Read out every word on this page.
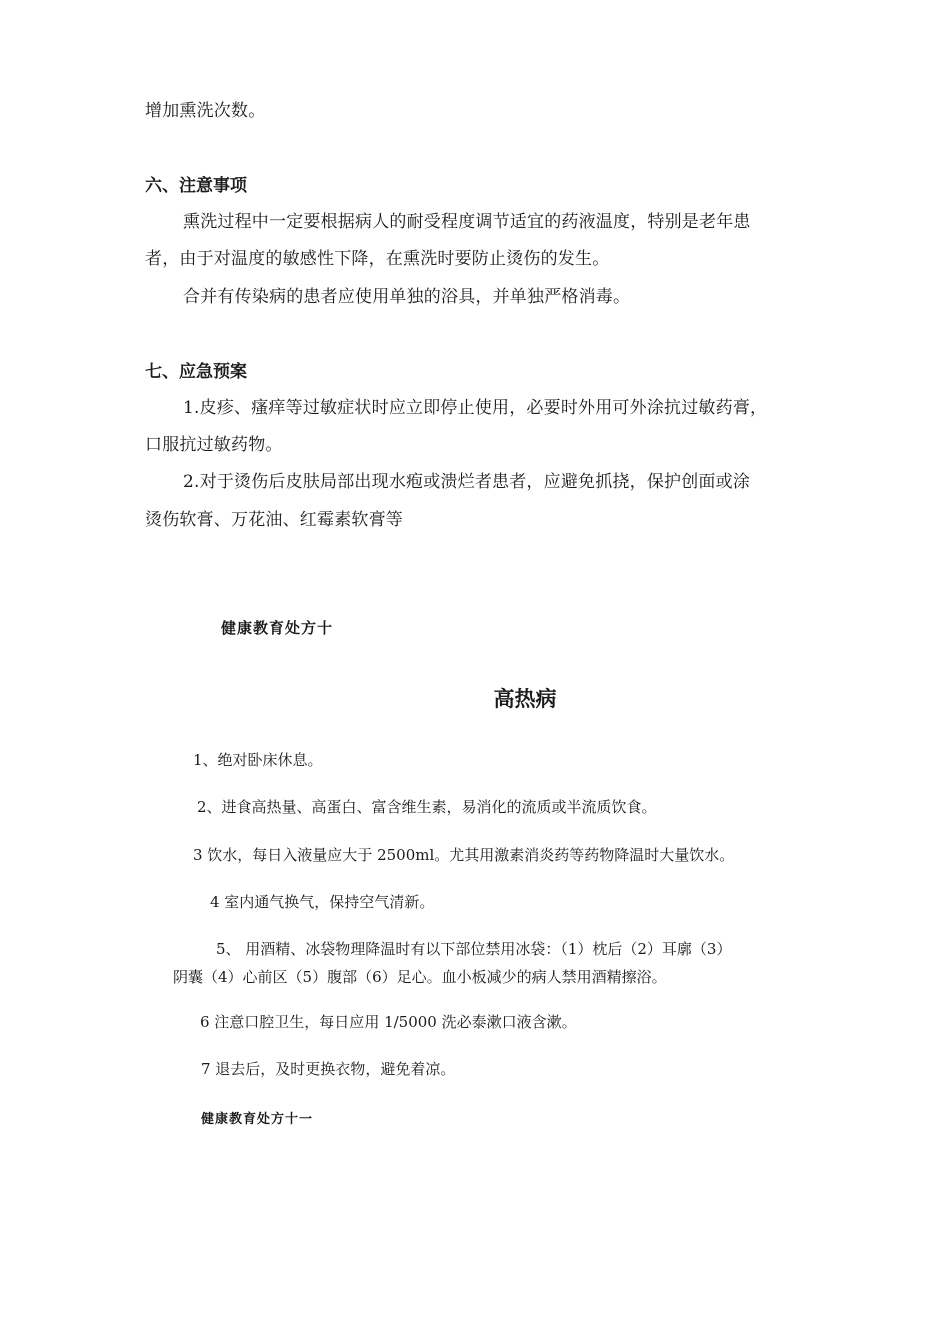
增加熏洗次数。
六、注意事项
熏洗过程中一定要根据病人的耐受程度调节适宜的药液温度，特别是老年患
者，由于对温度的敏感性下降，在熏洗时要防止烫伤的发生。
合并有传染病的患者应使用单独的浴具，并单独严格消毒。
七、应急预案
1.皮疹、瘙痒等过敏症状时应立即停止使用，必要时外用可外涂抗过敏药膏，
口服抗过敏药物。
2.对于烫伤后皮肤局部出现水疱或溃烂者患者，应避免抓挠，保护创面或涂
烫伤软膏、万花油、红霉素软膏等
健康教育处方十
高热病
1、绝对卧床休息。
2、进食高热量、高蛋白、富含维生素，易消化的流质或半流质饮食。
3 饮水，每日入液量应大于 2500ml。尤其用激素消炎药等药物降温时大量饮水。
4 室内通气换气，保持空气清新。
5、 用酒精、冰袋物理降温时有以下部位禁用冰袋：（1）枕后（2）耳廓（3）
阴囊（4）心前区（5）腹部（6）足心。血小板减少的病人禁用酒精擦浴。
6 注意口腔卫生，每日应用 1/5000 洗必泰漱口液含漱。
7 退去后，及时更换衣物，避免着凉。
健康教育处方十一
